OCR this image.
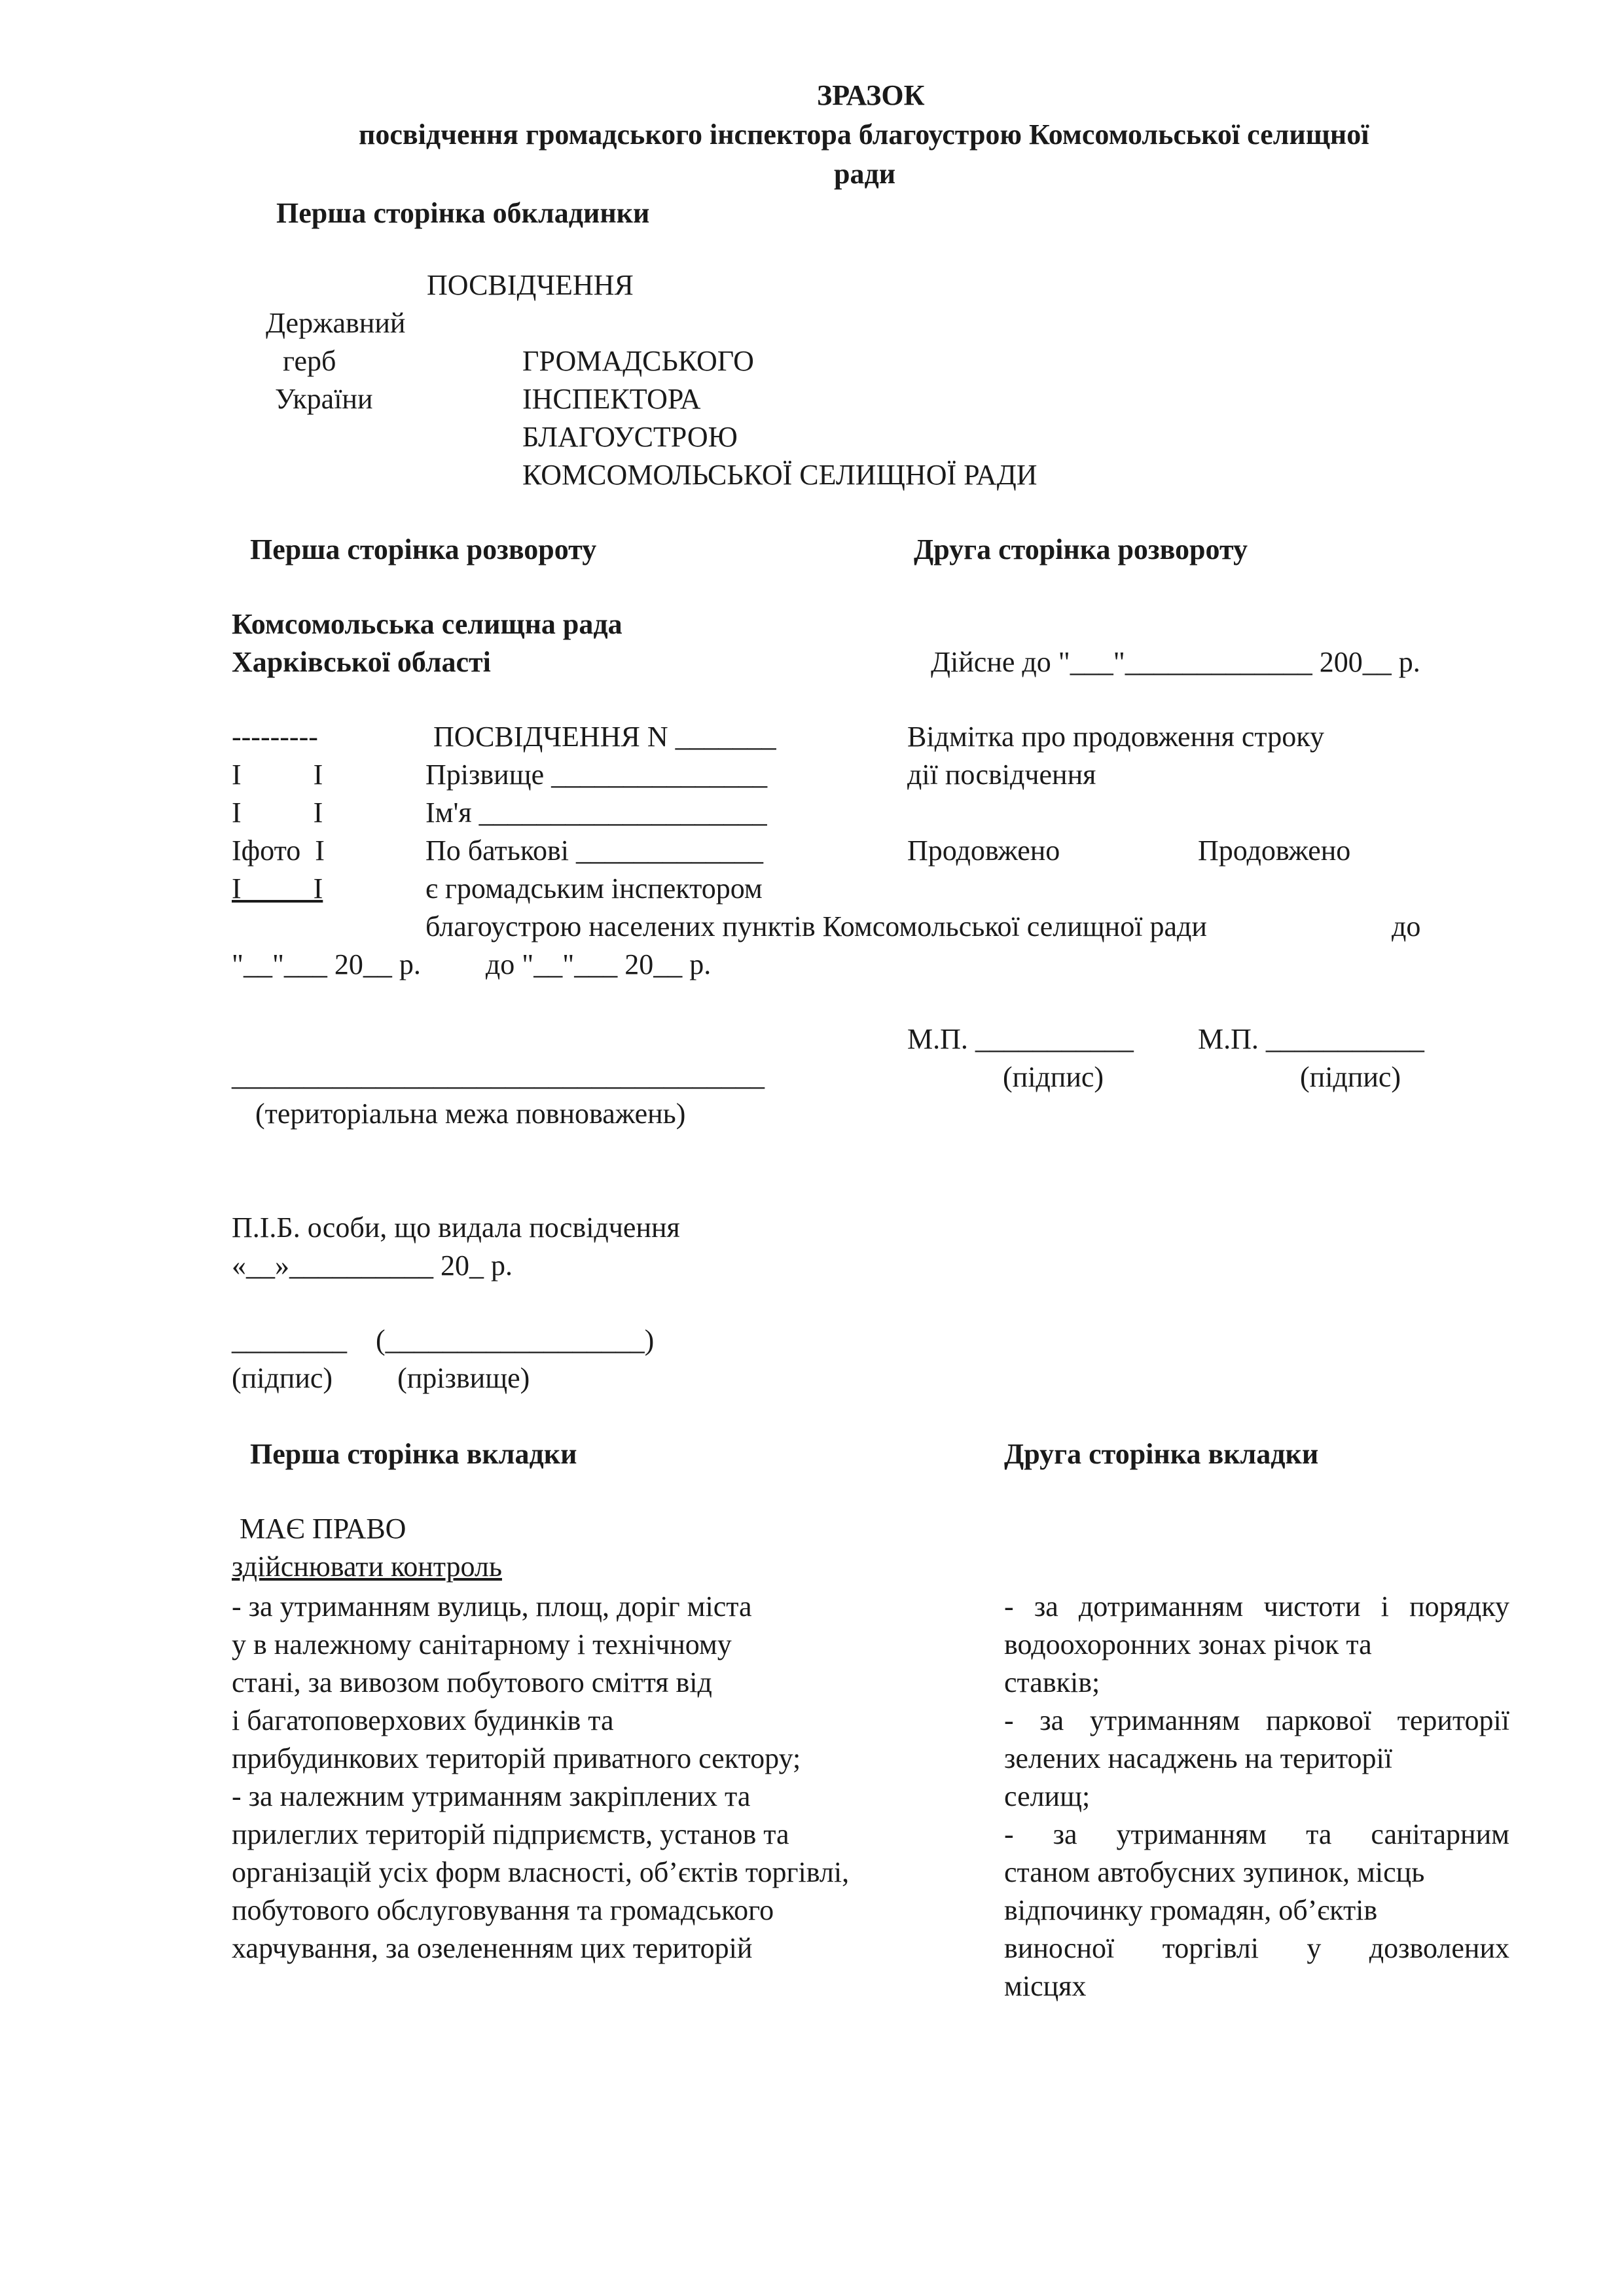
ЗРАЗОК
посвідчення громадського інспектора благоустрою Комсомольської селищної
ради
Перша сторінка обкладинки
ПОСВІДЧЕННЯ
Державний
герб
України
ГРОМАДСЬКОГО
ІНСПЕКТОРА
БЛАГОУСТРОЮ
КОМСОМОЛЬСЬКОЇ СЕЛИЩНОЇ РАДИ
Перша сторінка розвороту	Друга сторінка розвороту
Комсомольська селищна рада
Харківської області	Дійсне до "___"_____________ 200__ р.
---------
I          I
I          I
Iфото  I
I          I
ПОСВІДЧЕННЯ N _______
Прізвище _______________
Ім'я ____________________
По батькові _____________
є громадським інспектором
благоустрою населених пунктів Комсомольської селищної ради	до
"__"___ 20__ р.         до "__"___ 20__ р.
Відмітка про продовження строку
дії посвідчення
Продовжено	Продовжено
М.П. ___________ М.П. ___________
(підпис)	(підпис)
_____________________________________
(територіальна межа повноважень)
П.І.Б. особи, що видала посвідчення
«__»__________ 20_ р.
________    (__________________)
(підпис)         (прізвище)
Перша сторінка вкладки	Друга сторінка вкладки
МАЄ ПРАВО
здійснювати контроль
- за утриманням вулиць, площ, доріг міста
у в належному санітарному і технічному
стані, за вивозом побутового сміття від
і багатоповерхових будинків та
прибудинкових територій приватного сектору;
- за належним утриманням закріплених та
прилеглих територій підприємств, установ та
організацій усіх форм власності, об’єктів торгівлі,
побутового обслуговування та громадського
харчування, за озелененням цих територій
- за дотриманням чистоти і порядку
водоохоронних зонах річок та
ставків;
- за утриманням паркової території
зелених насаджень на території
селищ;
- за утриманням та санітарним
станом автобусних зупинок, місць
відпочинку громадян, об’єктів
виносної торгівлі у дозволених
місцях
